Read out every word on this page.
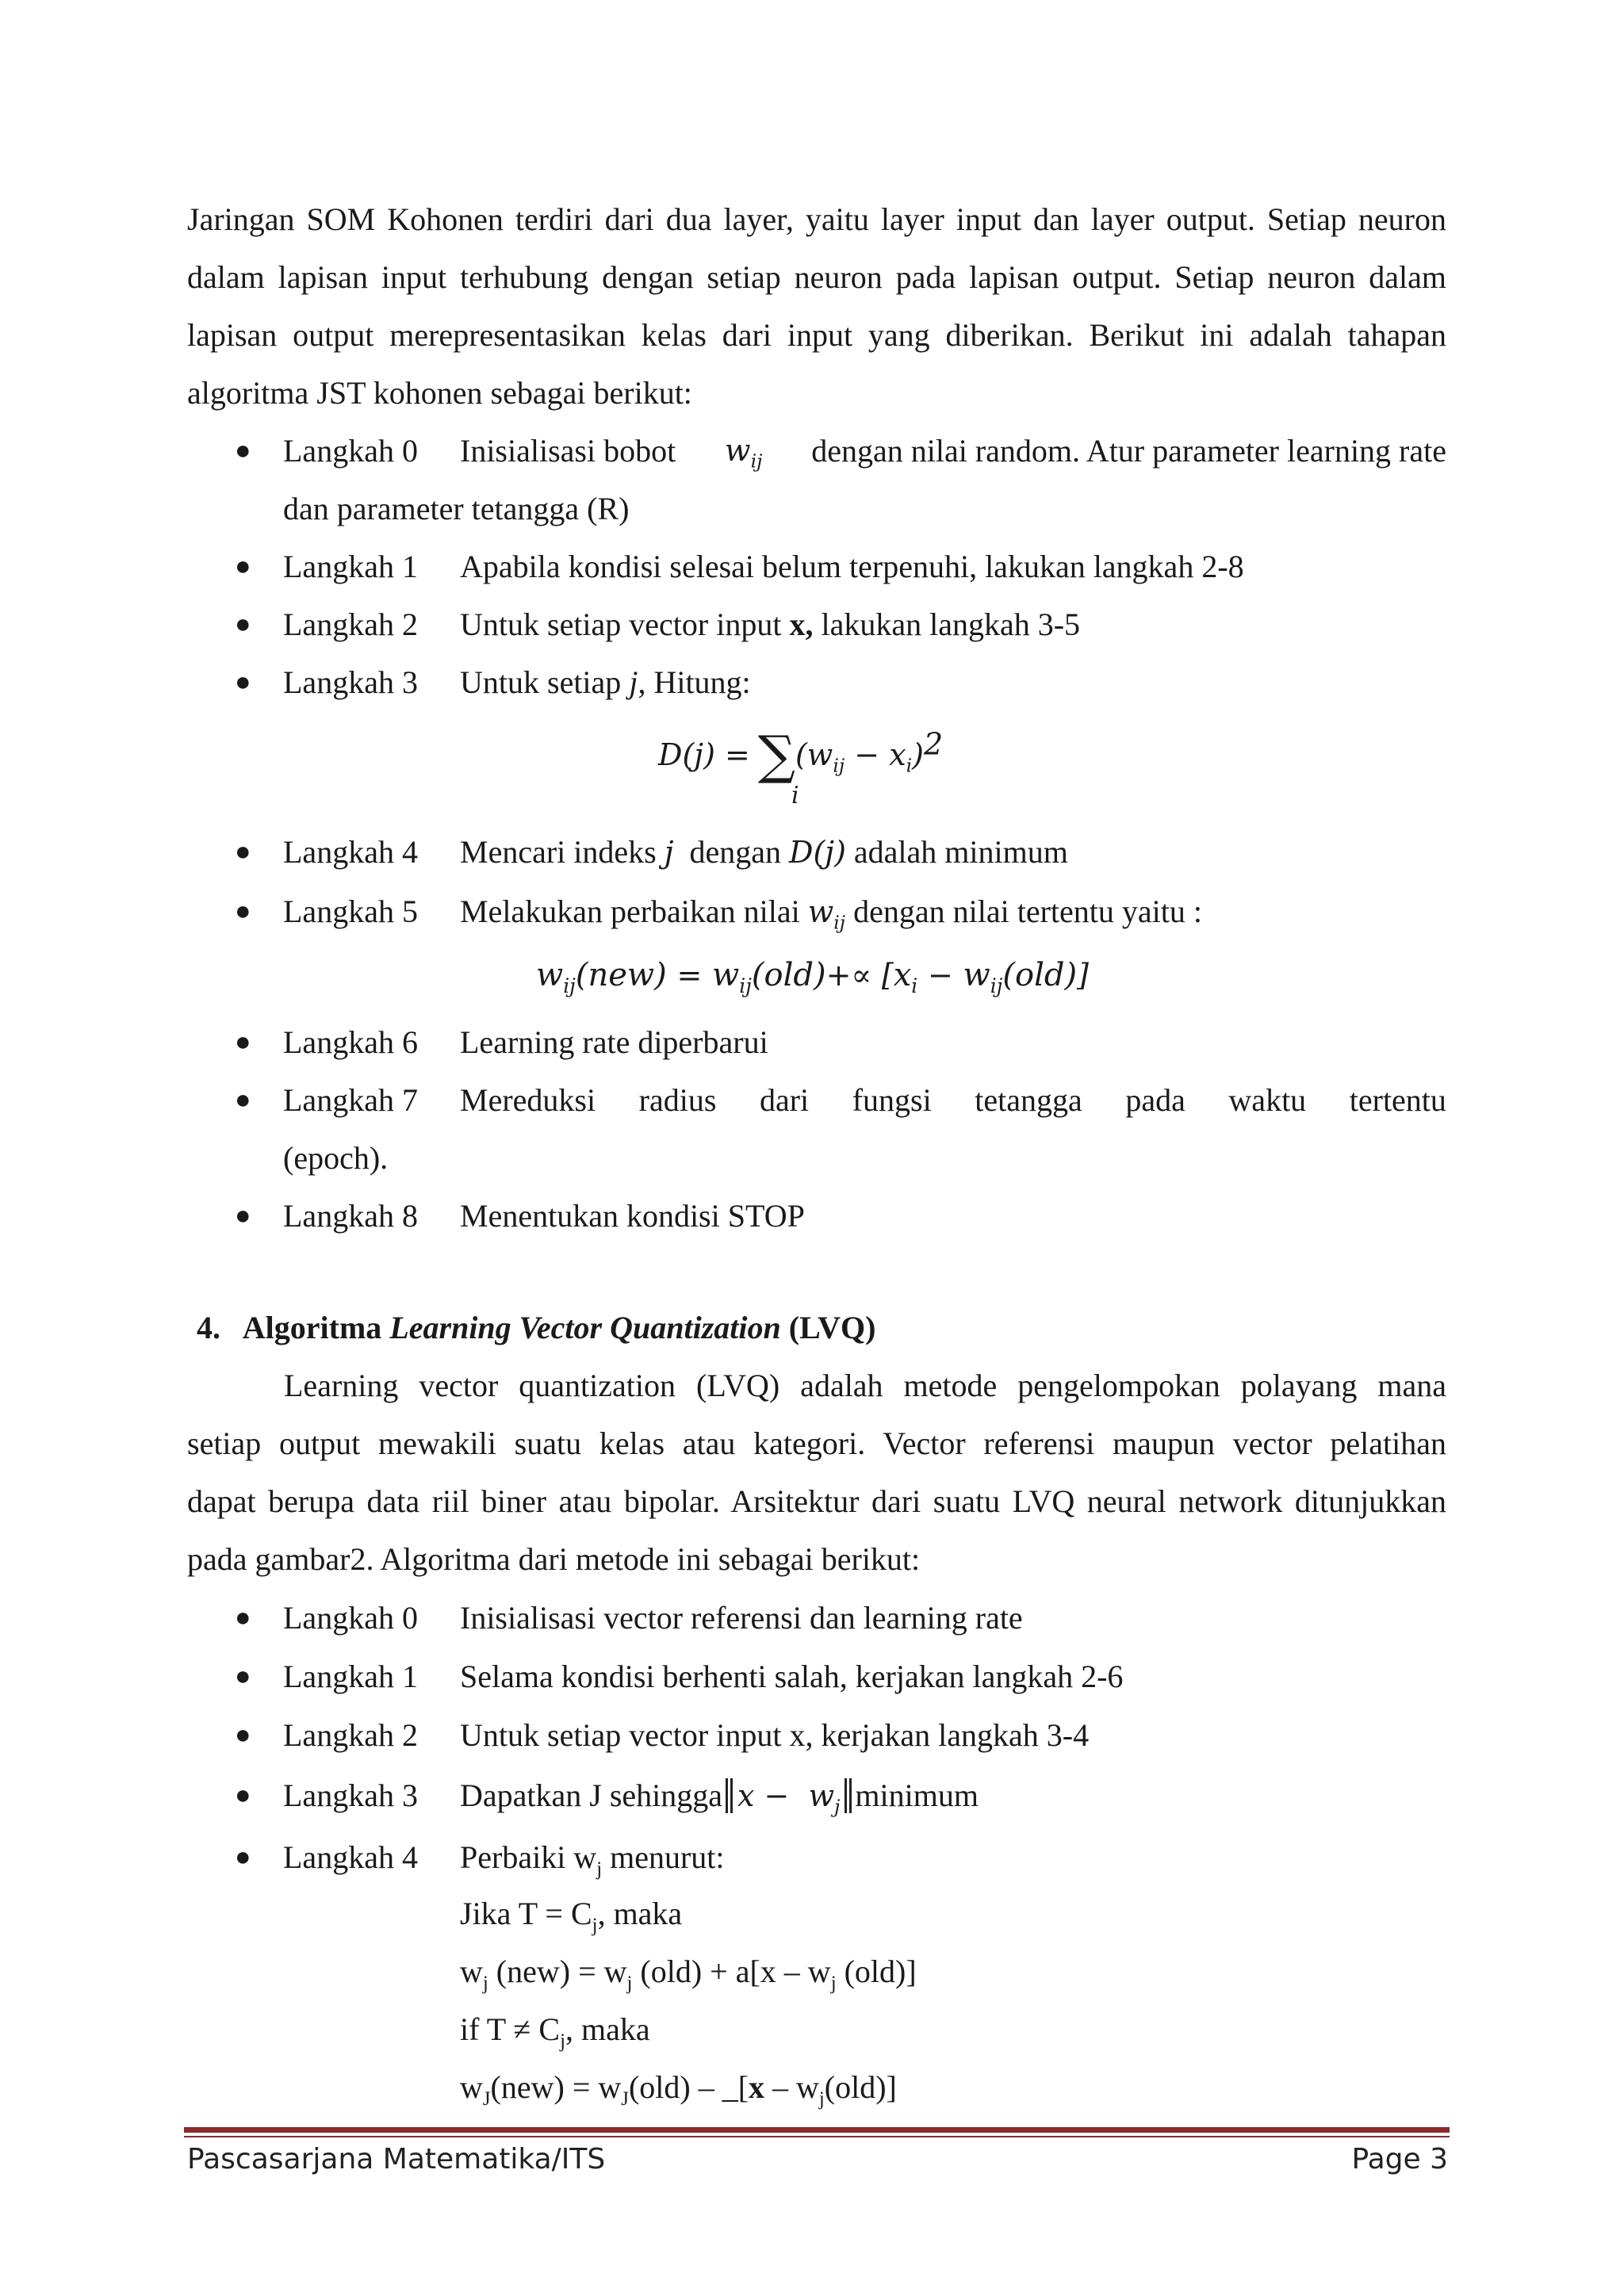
Jaringan SOM Kohonen terdiri dari dua layer, yaitu layer input dan layer output. Setiap neuron
dalam lapisan input terhubung dengan setiap neuron pada lapisan output. Setiap neuron dalam
lapisan output merepresentasikan kelas dari input yang diberikan. Berikut ini adalah tahapan
algoritma JST kohonen sebagai berikut:
● Langkah 0 Inisialisasi bobot $w_{ij}$ dengan nilai random. Atur parameter learning rate
dan parameter tetangga (R)
● Langkah 1 Apabila kondisi selesai belum terpenuhi, lakukan langkah 2-8
● Langkah 2 Untuk setiap vector input x, lakukan langkah 3-5
● Langkah 3 Untuk setiap j, Hitung:
$D(j) = \sum(w_{ij} - x_i)^2$
i
● Langkah 4 Mencari indeks j dengan D(j) adalah minimum
● Langkah 5 Melakukan perbaikan nilai $w_{ij}$ dengan nilai tertentu yaitu :
$w_{ij}(new) = w_{ij}(old)+\propto [x_i - w_{ij}(old)]$
● Langkah 6 Learning rate diperbarui
● Langkah 7 Mereduksi radius dari fungsi tetangga pada waktu tertentu
(epoch).
● Langkah 8 Menentukan kondisi STOP
4. Algoritma Learning Vector Quantization (LVQ)
Learning vector quantization (LVQ) adalah metode pengelompokan polayang mana
setiap output mewakili suatu kelas atau kategori. Vector referensi maupun vector pelatihan
dapat berupa data riil biner atau bipolar. Arsitektur dari suatu LVQ neural network ditunjukkan
pada gambar2. Algoritma dari metode ini sebagai berikut:
● Langkah 0 Inisialisasi vector referensi dan learning rate
● Langkah 1 Selama kondisi berhenti salah, kerjakan langkah 2-6
● Langkah 2 Untuk setiap vector input x, kerjakan langkah 3-4
● Langkah 3 Dapatkan J sehingga $x - w_j$ minimum
● Langkah 4 Perbaiki $w_j$ menurut:
Jika $T = C_j$, maka
$w_j$ $(new) = w_j$ $(old) + a[x - w_j$ (old)]
if $T \ne C_j$, maka
$w_J(new) = w_J(old)$ – _[x – $w_j(old)$]
Pascasarjana Matematika/ITS	Page 3
